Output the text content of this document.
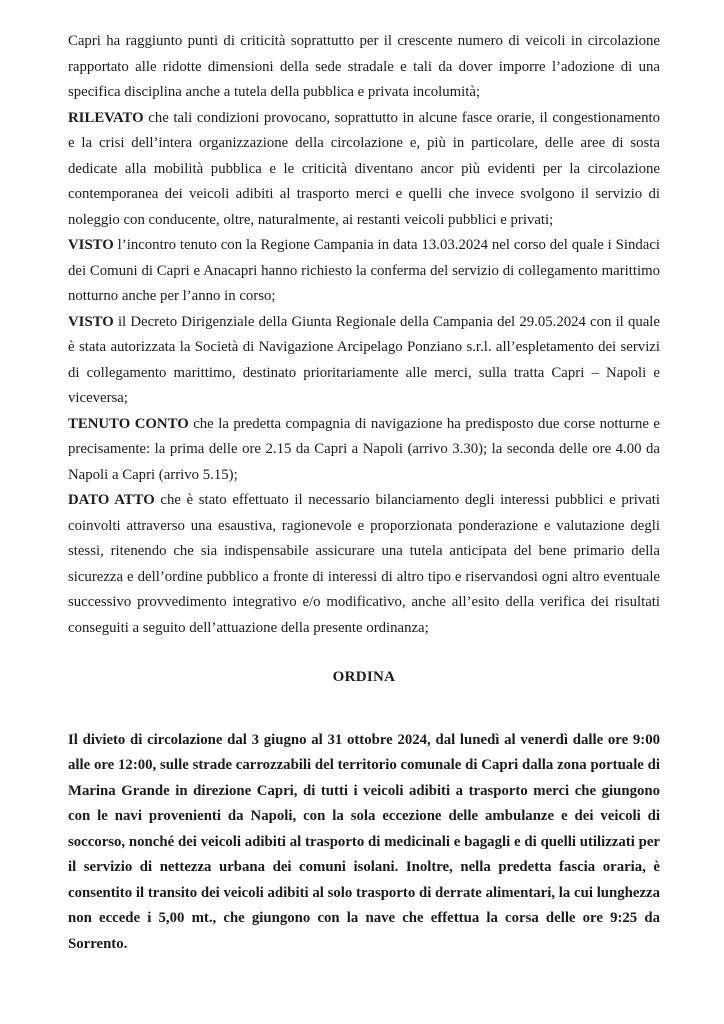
Capri ha raggiunto punti di criticità soprattutto per il crescente numero di veicoli in circolazione rapportato alle ridotte dimensioni della sede stradale e tali da dover imporre l’adozione di una specifica disciplina anche a tutela della pubblica e privata incolumità;

RILEVATO che tali condizioni provocano, soprattutto in alcune fasce orarie, il congestionamento e la crisi dell’intera organizzazione della circolazione e, più in particolare, delle aree di sosta dedicate alla mobilità pubblica e le criticità diventano ancor più evidenti per la circolazione contemporanea dei veicoli adibiti al trasporto merci e quelli che invece svolgono il servizio di noleggio con conducente, oltre, naturalmente, ai restanti veicoli pubblici e privati;

VISTO l’incontro tenuto con la Regione Campania in data 13.03.2024 nel corso del quale i Sindaci dei Comuni di Capri e Anacapri hanno richiesto la conferma del servizio di collegamento marittimo notturno anche per l’anno in corso;

VISTO il Decreto Dirigenziale della Giunta Regionale della Campania del 29.05.2024 con il quale è stata autorizzata la Società di Navigazione Arcipelago Ponziano s.r.l. all’espletamento dei servizi di collegamento marittimo, destinato prioritariamente alle merci, sulla tratta Capri – Napoli e viceversa;

TENUTO CONTO che la predetta compagnia di navigazione ha predisposto due corse notturne e precisamente: la prima delle ore 2.15 da Capri a Napoli (arrivo 3.30); la seconda delle ore 4.00 da Napoli a Capri (arrivo 5.15);

DATO ATTO che è stato effettuato il necessario bilanciamento degli interessi pubblici e privati coinvolti attraverso una esaustiva, ragionevole e proporzionata ponderazione e valutazione degli stessi, ritenendo che sia indispensabile assicurare una tutela anticipata del bene primario della sicurezza e dell’ordine pubblico a fronte di interessi di altro tipo e riservandosi ogni altro eventuale successivo provvedimento integrativo e/o modificativo, anche all’esito della verifica dei risultati conseguiti a seguito dell’attuazione della presente ordinanza;

ORDINA

Il divieto di circolazione dal 3 giugno al 31 ottobre 2024, dal lunedì al venerdì dalle ore 9:00 alle ore 12:00, sulle strade carrozzabili del territorio comunale di Capri dalla zona portuale di Marina Grande in direzione Capri, di tutti i veicoli adibiti a trasporto merci che giungono con le navi provenienti da Napoli, con la sola eccezione delle ambulanze e dei veicoli di soccorso, nonché dei veicoli adibiti al trasporto di medicinali e bagagli e di quelli utilizzati per il servizio di nettezza urbana dei comuni isolani. Inoltre, nella predetta fascia oraria, è consentito il transito dei veicoli adibiti al solo trasporto di derrate alimentari, la cui lunghezza non eccede i 5,00 mt., che giungono con la nave che effettua la corsa delle ore 9:25 da Sorrento.
